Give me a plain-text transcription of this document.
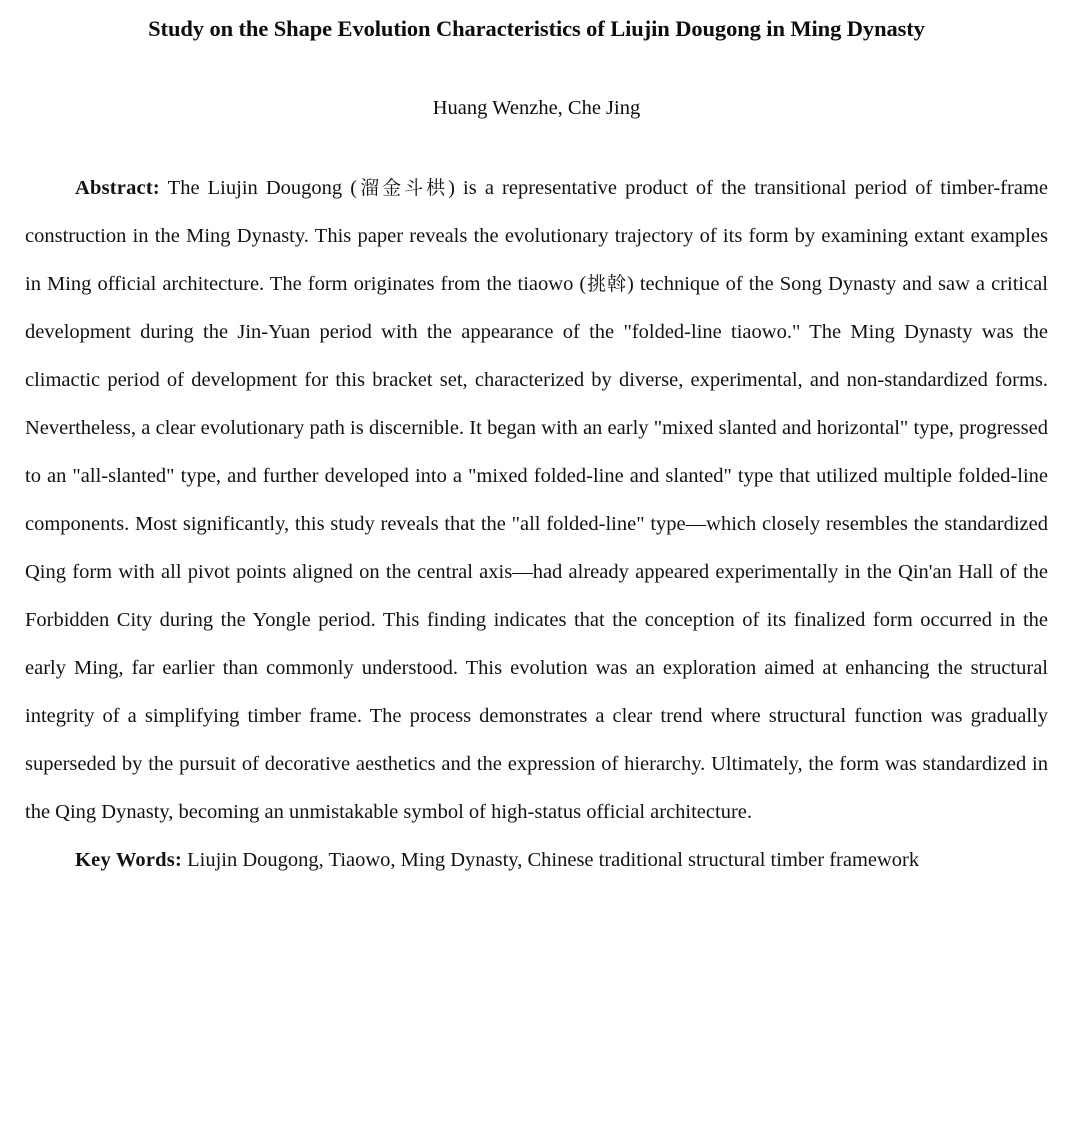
Study on the Shape Evolution Characteristics of Liujin Dougong in Ming Dynasty
Huang Wenzhe, Che Jing

Abstract: The Liujin Dougong (溜金斗栱) is a representative product of the transitional period of timber-frame construction in the Ming Dynasty. This paper reveals the evolutionary trajectory of its form by examining extant examples in Ming official architecture. The form originates from the tiaowo (挑斡) technique of the Song Dynasty and saw a critical development during the Jin-Yuan period with the appearance of the "folded-line tiaowo." The Ming Dynasty was the climactic period of development for this bracket set, characterized by diverse, experimental, and non-standardized forms. Nevertheless, a clear evolutionary path is discernible. It began with an early "mixed slanted and horizontal" type, progressed to an "all-slanted" type, and further developed into a "mixed folded-line and slanted" type that utilized multiple folded-line components. Most significantly, this study reveals that the "all folded-line" type—which closely resembles the standardized Qing form with all pivot points aligned on the central axis—had already appeared experimentally in the Qin'an Hall of the Forbidden City during the Yongle period. This finding indicates that the conception of its finalized form occurred in the early Ming, far earlier than commonly understood. This evolution was an exploration aimed at enhancing the structural integrity of a simplifying timber frame. The process demonstrates a clear trend where structural function was gradually superseded by the pursuit of decorative aesthetics and the expression of hierarchy. Ultimately, the form was standardized in the Qing Dynasty, becoming an unmistakable symbol of high-status official architecture.

Key Words: Liujin Dougong, Tiaowo, Ming Dynasty, Chinese traditional structural timber framework
